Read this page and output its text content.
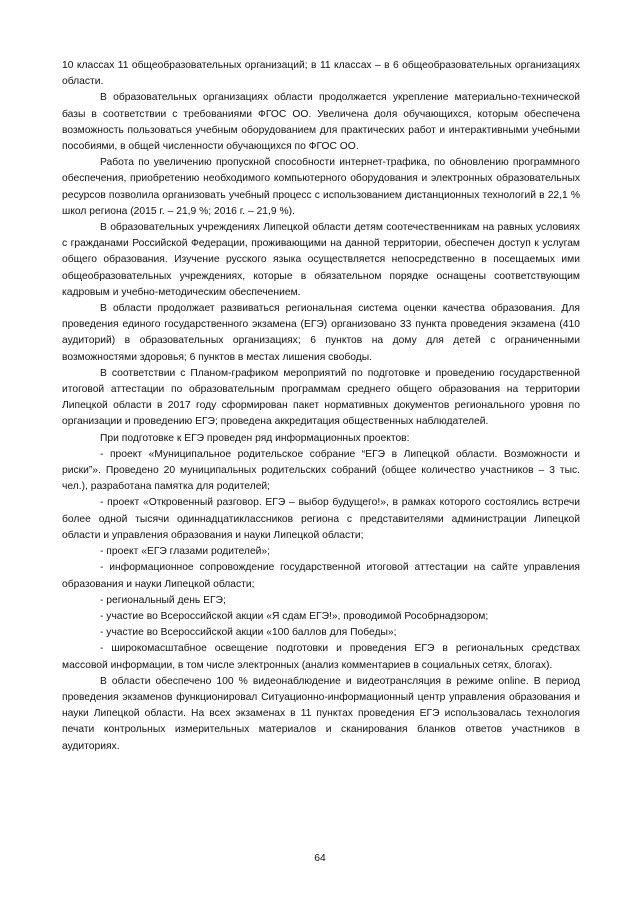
10 классах 11 общеобразовательных организаций; в 11 классах – в 6 общеобразовательных организациях области.

В образовательных организациях области продолжается укрепление материально-технической базы в соответствии с требованиями ФГОС ОО. Увеличена доля обучающихся, которым обеспечена возможность пользоваться учебным оборудованием для практических работ и интерактивными учебными пособиями, в общей численности обучающихся по ФГОС ОО.

Работа по увеличению пропускной способности интернет-трафика, по обновлению программного обеспечения, приобретению необходимого компьютерного оборудования и электронных образовательных ресурсов позволила организовать учебный процесс с использованием дистанционных технологий в 22,1 % школ региона (2015 г. – 21,9 %; 2016 г. – 21,9 %).

В образовательных учреждениях Липецкой области детям соотечественникам на равных условиях с гражданами Российской Федерации, проживающими на данной территории, обеспечен доступ к услугам общего образования. Изучение русского языка осуществляется непосредственно в посещаемых ими общеобразовательных учреждениях, которые в обязательном порядке оснащены соответствующим кадровым и учебно-методическим обеспечением.

В области продолжает развиваться региональная система оценки качества образования. Для проведения единого государственного экзамена (ЕГЭ) организовано 33 пункта проведения экзамена (410 аудиторий) в образовательных организациях; 6 пунктов на дому для детей с ограниченными возможностями здоровья; 6 пунктов в местах лишения свободы.

В соответствии с Планом-графиком мероприятий по подготовке и проведению государственной итоговой аттестации по образовательным программам среднего общего образования на территории Липецкой области в 2017 году сформирован пакет нормативных документов регионального уровня по организации и проведению ЕГЭ; проведена аккредитация общественных наблюдателей.

При подготовке к ЕГЭ проведен ряд информационных проектов:

- проект «Муниципальное родительское собрание “ЕГЭ в Липецкой области. Возможности и риски”». Проведено 20 муниципальных родительских собраний (общее количество участников – 3 тыс. чел.), разработана памятка для родителей;

- проект «Откровенный разговор. ЕГЭ – выбор будущего!», в рамках которого состоялись встречи более одной тысячи одиннадцатиклассников региона с представителями администрации Липецкой области и управления образования и науки Липецкой области;

- проект «ЕГЭ глазами родителей»;

- информационное сопровождение государственной итоговой аттестации на сайте управления образования и науки Липецкой области;

- региональный день ЕГЭ;

- участие во Всероссийской акции «Я сдам ЕГЭ!», проводимой Рособрнадзором;

- участие во Всероссийской акции «100 баллов для Победы»;

- широкомасштабное освещение подготовки и проведения ЕГЭ в региональных средствах массовой информации, в том числе электронных (анализ комментариев в социальных сетях, блогах).

В области обеспечено 100 % видеонаблюдение и видеотрансляция в режиме online. В период проведения экзаменов функционировал Ситуационно-информационный центр управления образования и науки Липецкой области. На всех экзаменах в 11 пунктах проведения ЕГЭ использовалась технология печати контрольных измерительных материалов и сканирования бланков ответов участников в аудиториях.

64
